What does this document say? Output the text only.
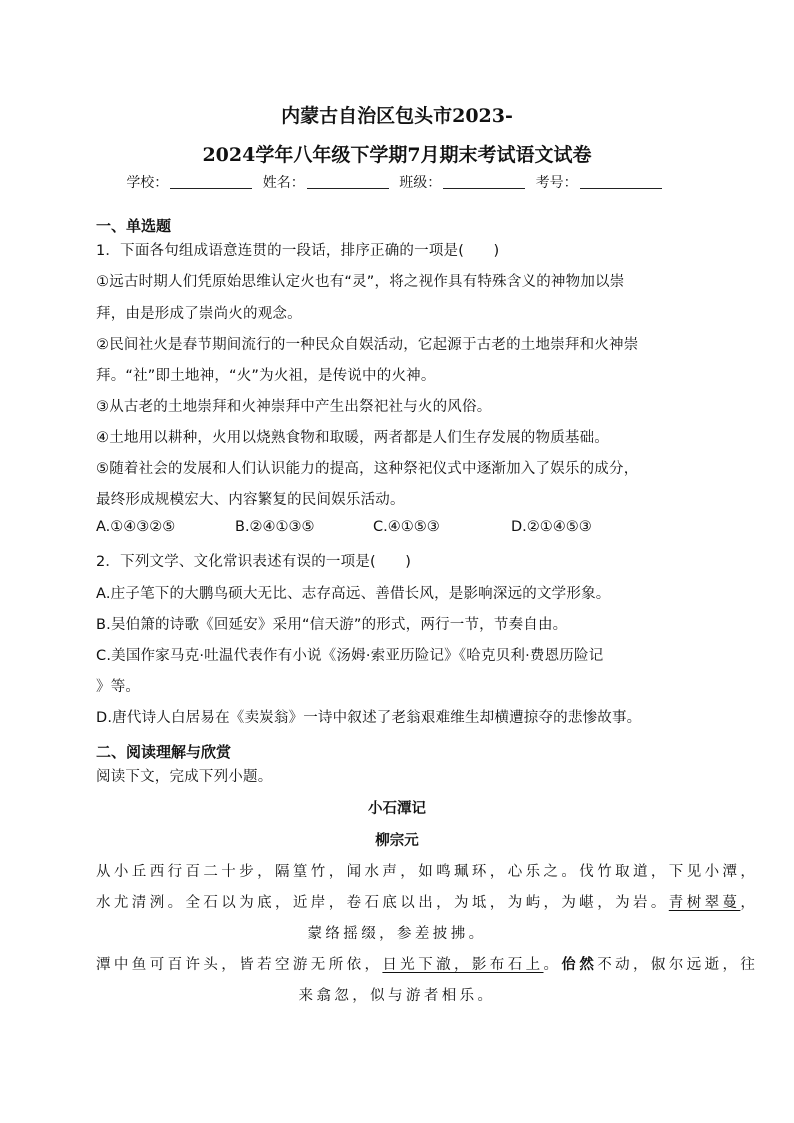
内蒙古自治区包头市2023-
2024学年八年级下学期7月期末考试语文试卷
学校：	姓名：	班级：	考号：
一、单选题
1．下面各句组成语意连贯的一段话，排序正确的一项是(　　)
①远古时期人们凭原始思维认定火也有“灵”，将之视作具有特殊含义的神物加以崇
拜，由是形成了崇尚火的观念。
②民间社火是春节期间流行的一种民众自娱活动，它起源于古老的土地崇拜和火神崇
拜。“社”即土地神，“火”为火祖，是传说中的火神。
③从古老的土地崇拜和火神崇拜中产生出祭祀社与火的风俗。
④土地用以耕种，火用以烧熟食物和取暖，两者都是人们生存发展的物质基础。
⑤随着社会的发展和人们认识能力的提高，这种祭祀仪式中逐渐加入了娱乐的成分，
最终形成规模宏大、内容繁复的民间娱乐活动。
A.①④③②⑤	B.②④①③⑤	C.④①⑤③	D.②①④⑤③
2．下列文学、文化常识表述有误的一项是(　　)
A.庄子笔下的大鹏鸟硕大无比、志存高远、善借长风，是影响深远的文学形象。
B.吴伯箫的诗歌《回延安》采用“信天游”的形式，两行一节，节奏自由。
C.美国作家马克·吐温代表作有小说《汤姆·索亚历险记》《哈克贝利·费恩历险记
》等。
D.唐代诗人白居易在《卖炭翁》一诗中叙述了老翁艰难维生却横遭掠夺的悲惨故事。
二、阅读理解与欣赏
阅读下文，完成下列小题。
小石潭记
柳宗元
从小丘西行百二十步，隔篁竹，闻水声，如鸣珮环，心乐之。伐竹取道，下见小潭，
水尤清洌。全石以为底，近岸，卷石底以出，为坻，为屿，为嵁，为岩。青树翠蔓，
蒙络摇缀，参差披拂。
潭中鱼可百许头，皆若空游无所依，日光下澈，影布石上。佁然不动，俶尔远逝，往
来翕忽，似与游者相乐。
